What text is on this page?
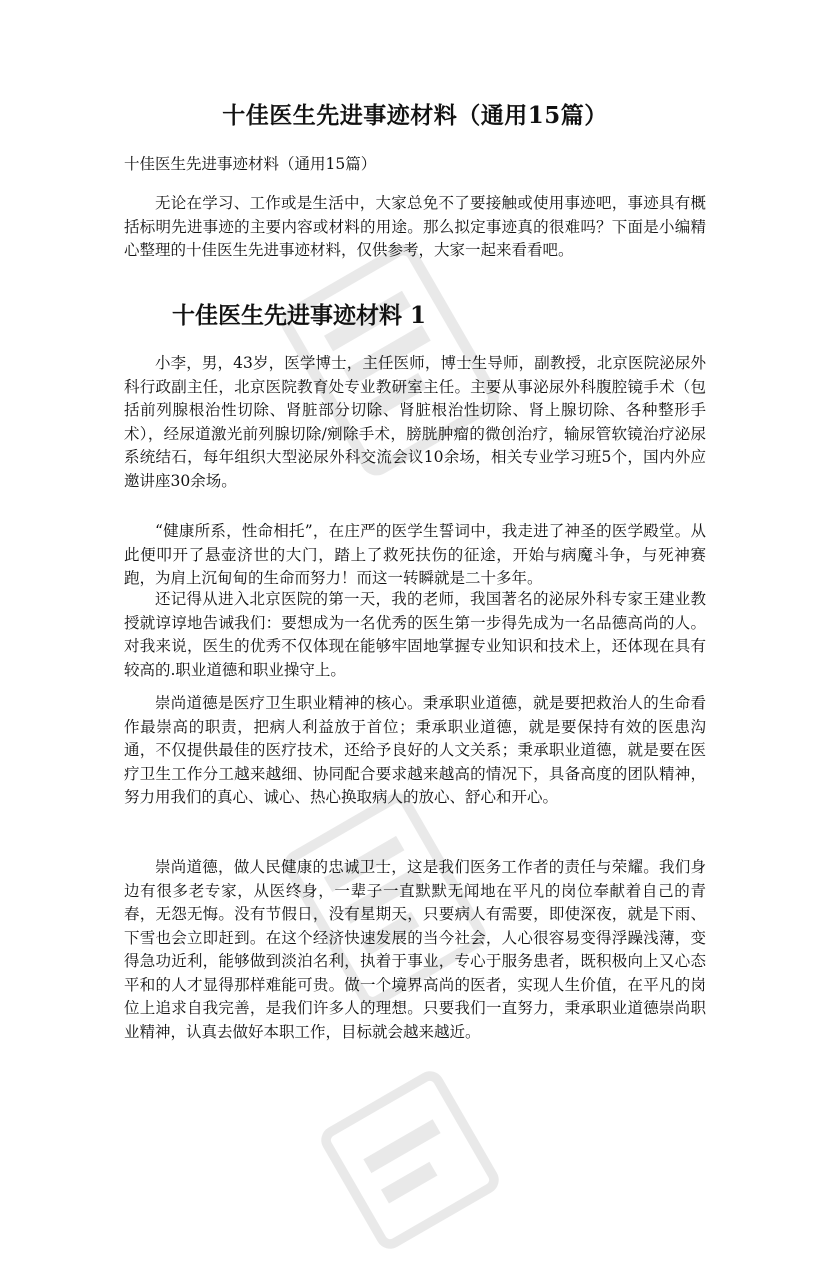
十佳医生先进事迹材料（通用15篇）

十佳医生先进事迹材料（通用15篇）

无论在学习、工作或是生活中，大家总免不了要接触或使用事迹吧，事迹具有概括标明先进事迹的主要内容或材料的用途。那么拟定事迹真的很难吗？下面是小编精心整理的十佳医生先进事迹材料，仅供参考，大家一起来看看吧。

十佳医生先进事迹材料 1

小李，男，43岁，医学博士，主任医师，博士生导师，副教授，北京医院泌尿外科行政副主任，北京医院教育处专业教研室主任。主要从事泌尿外科腹腔镜手术（包括前列腺根治性切除、肾脏部分切除、肾脏根治性切除、肾上腺切除、各种整形手术），经尿道激光前列腺切除/剜除手术，膀胱肿瘤的微创治疗，输尿管软镜治疗泌尿系统结石，每年组织大型泌尿外科交流会议10余场，相关专业学习班5个，国内外应邀讲座30余场。

“健康所系，性命相托”，在庄严的医学生誓词中，我走进了神圣的医学殿堂。从此便叩开了悬壶济世的大门，踏上了救死扶伤的征途，开始与病魔斗争，与死神赛跑，为肩上沉甸甸的生命而努力！而这一转瞬就是二十多年。

还记得从进入北京医院的第一天，我的老师，我国著名的泌尿外科专家王建业教授就谆谆地告诫我们：要想成为一名优秀的医生第一步得先成为一名品德高尚的人。对我来说，医生的优秀不仅体现在能够牢固地掌握专业知识和技术上，还体现在具有较高的.职业道德和职业操守上。

崇尚道德是医疗卫生职业精神的核心。秉承职业道德，就是要把救治人的生命看作最崇高的职责，把病人利益放于首位；秉承职业道德，就是要保持有效的医患沟通，不仅提供最佳的医疗技术，还给予良好的人文关系；秉承职业道德，就是要在医疗卫生工作分工越来越细、协同配合要求越来越高的情况下，具备高度的团队精神，努力用我们的真心、诚心、热心换取病人的放心、舒心和开心。

崇尚道德，做人民健康的忠诚卫士，这是我们医务工作者的责任与荣耀。我们身边有很多老专家，从医终身，一辈子一直默默无闻地在平凡的岗位奉献着自己的青春，无怨无悔。没有节假日，没有星期天，只要病人有需要，即使深夜，就是下雨、下雪也会立即赶到。在这个经济快速发展的当今社会，人心很容易变得浮躁浅薄，变得急功近利，能够做到淡泊名利，执着于事业，专心于服务患者，既积极向上又心态平和的人才显得那样难能可贵。做一个境界高尚的医者，实现人生价值，在平凡的岗位上追求自我完善，是我们许多人的理想。只要我们一直努力，秉承职业道德崇尚职业精神，认真去做好本职工作，目标就会越来越近。
